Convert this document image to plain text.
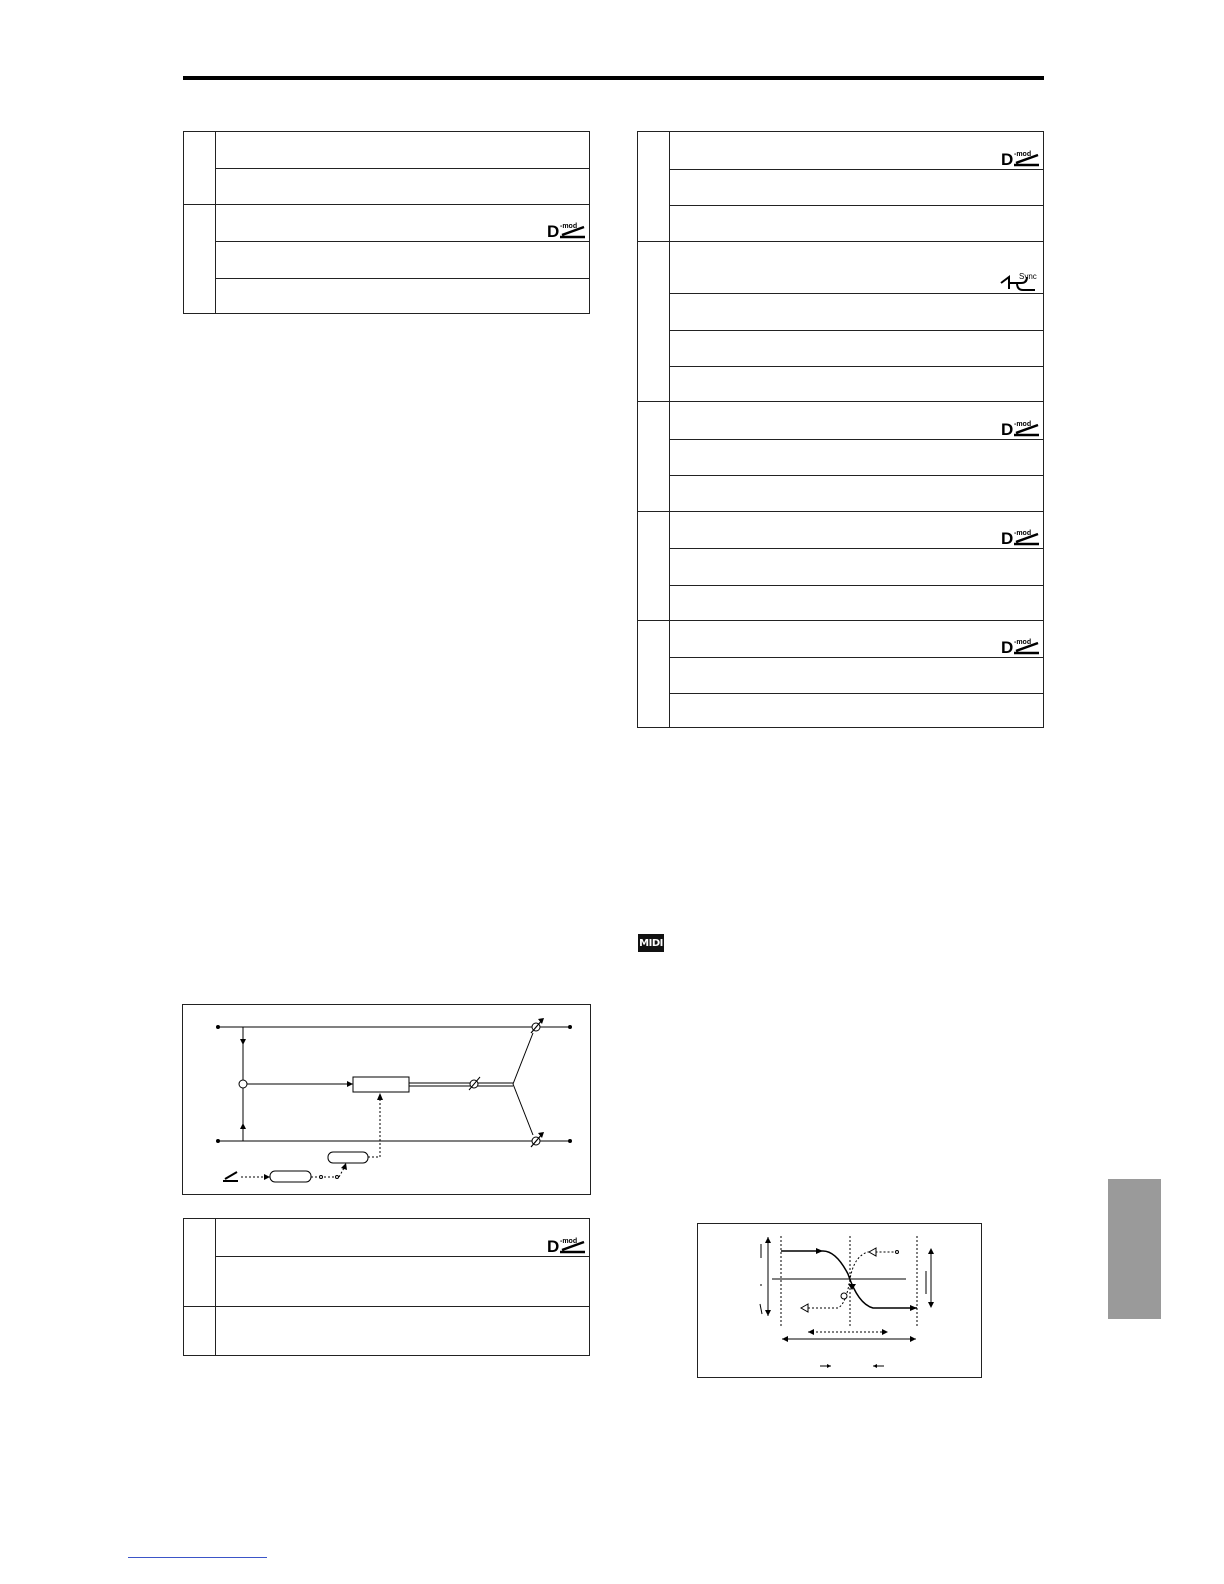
D -mod
D -mod
Sync
D -mod
D -mod
D -mod
D -mod
MIDI
